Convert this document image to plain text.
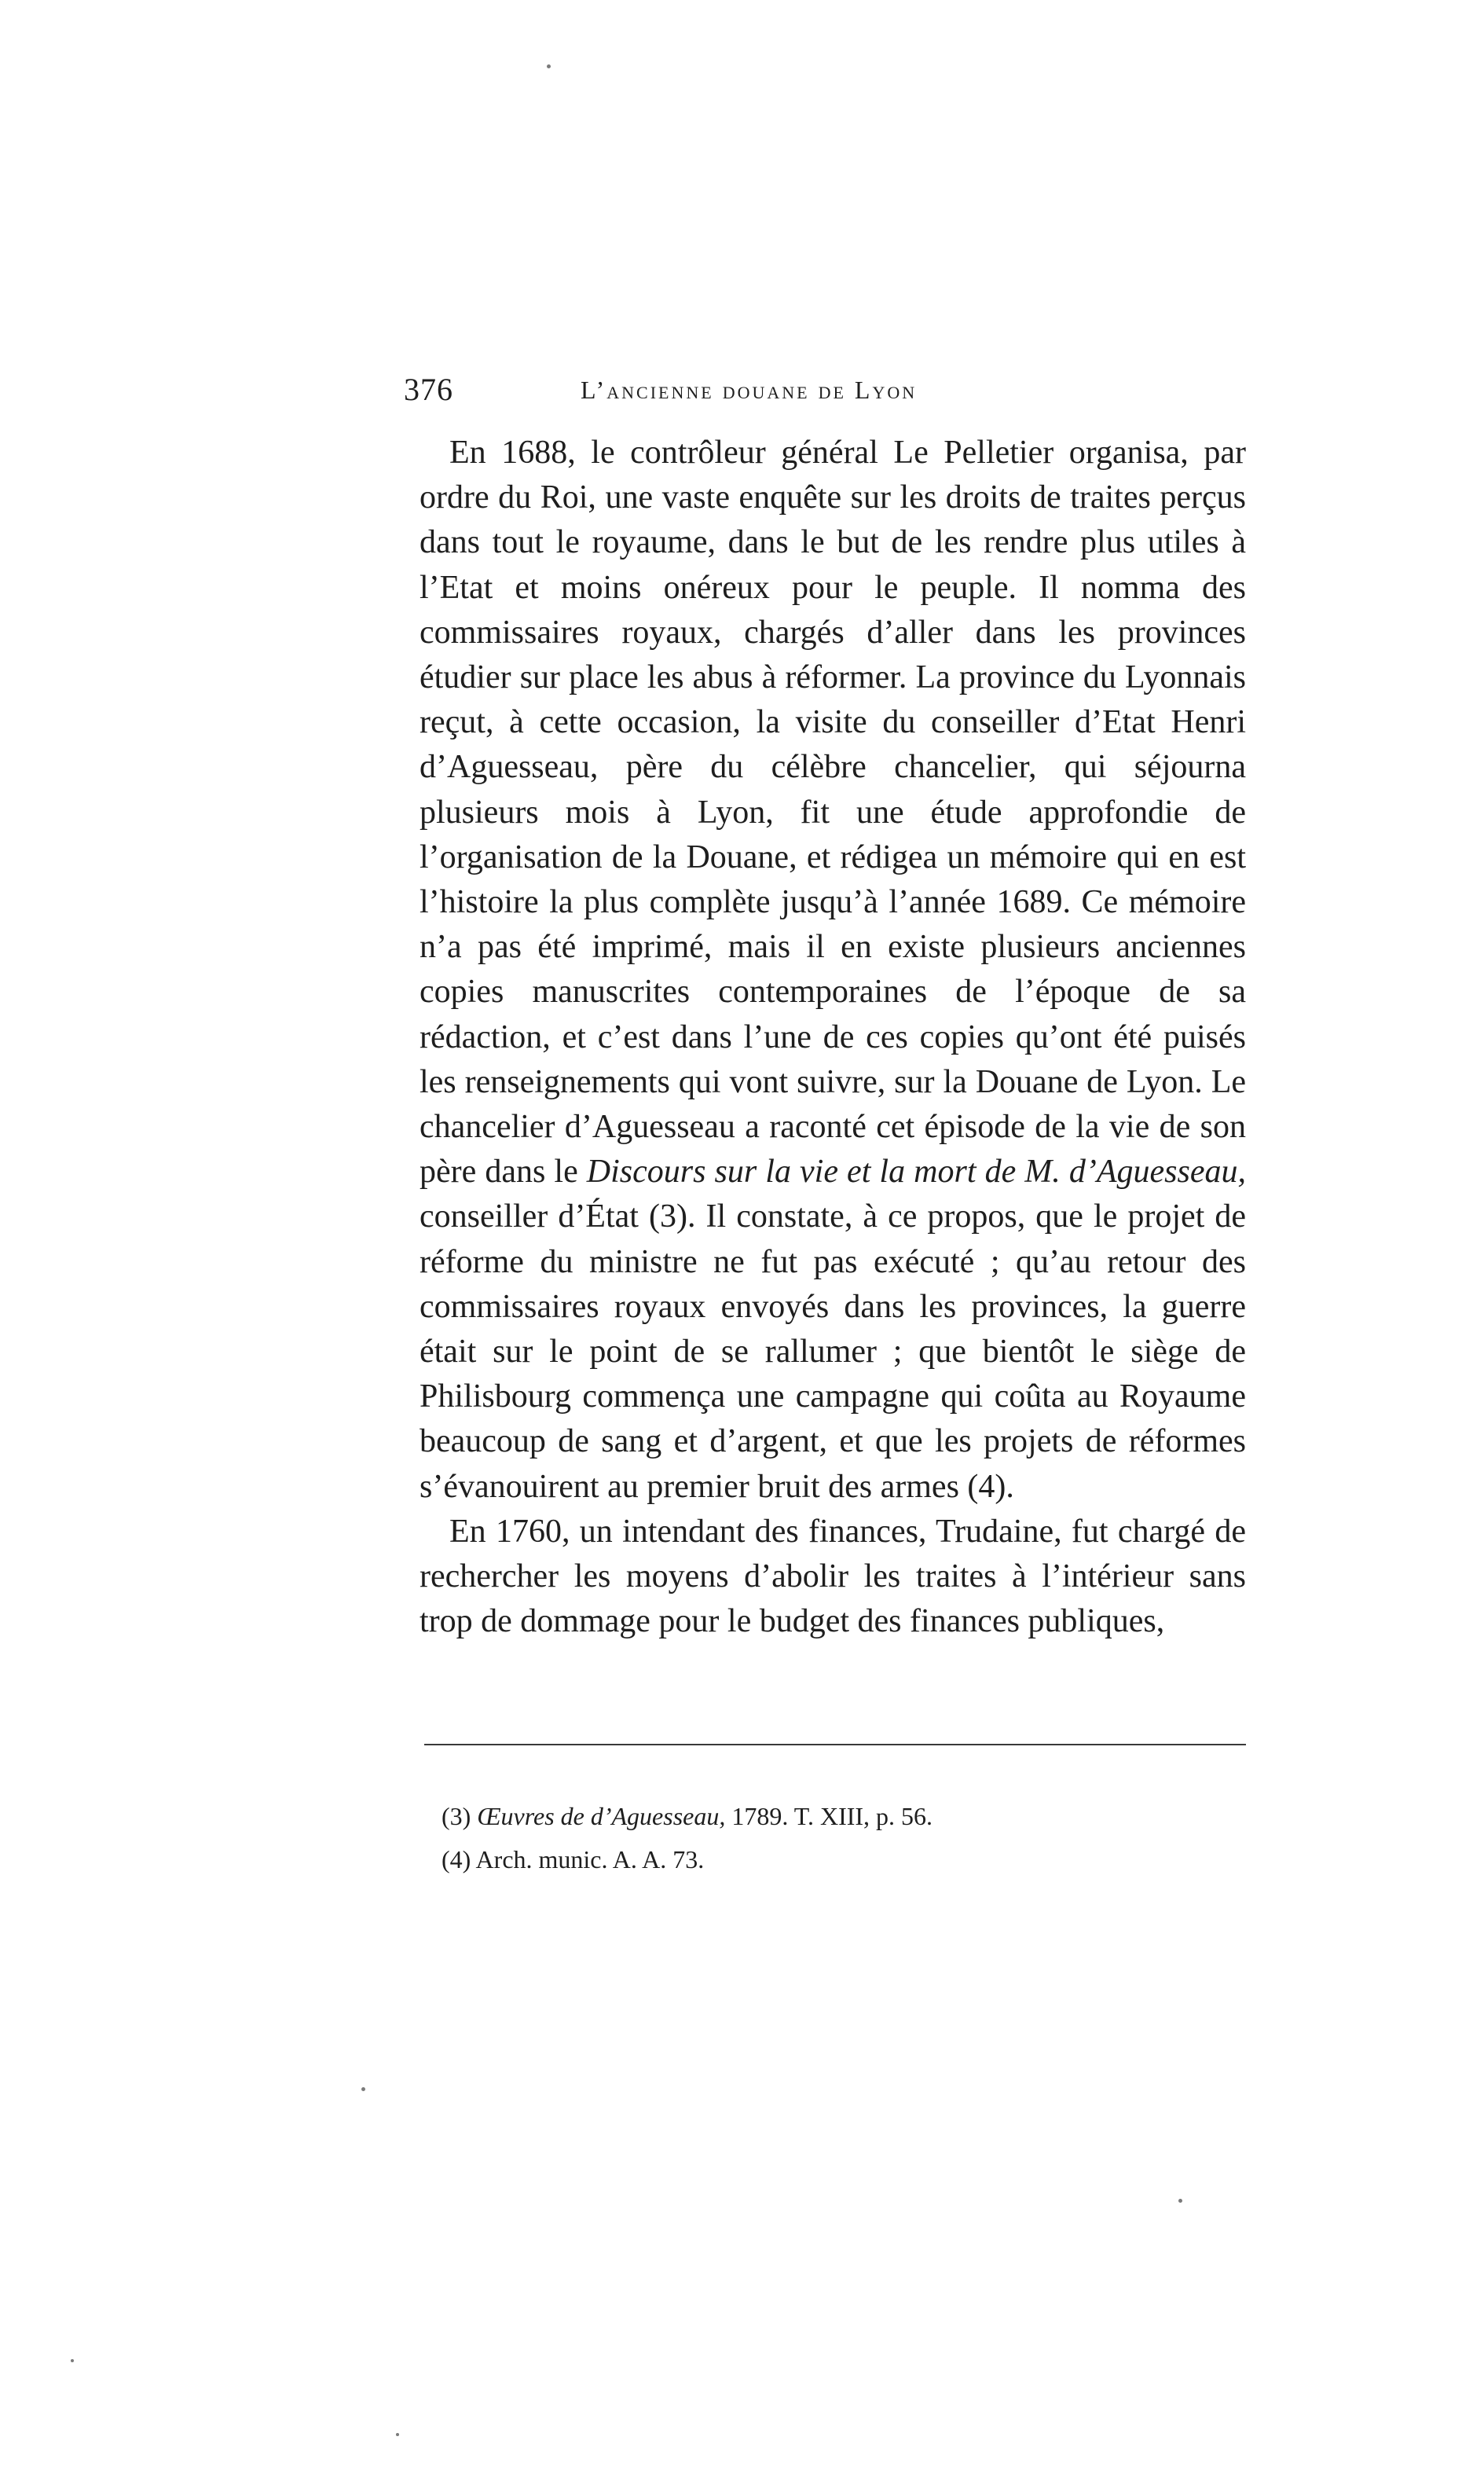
376	L’ancienne douane de Lyon

En 1688, le contrôleur général Le Pelletier organisa, par ordre du Roi, une vaste enquête sur les droits de traites perçus dans tout le royaume, dans le but de les rendre plus utiles à l’Etat et moins onéreux pour le peuple. Il nomma des commissaires royaux, chargés d’aller dans les provinces étudier sur place les abus à réformer. La province du Lyonnais reçut, à cette occasion, la visite du conseiller d’Etat Henri d’Aguesseau, père du célèbre chancelier, qui séjourna plusieurs mois à Lyon, fit une étude approfondie de l’organisation de la Douane, et rédigea un mémoire qui en est l’histoire la plus complète jusqu’à l’année 1689. Ce mémoire n’a pas été imprimé, mais il en existe plusieurs anciennes copies manuscrites contemporaines de l’époque de sa rédaction, et c’est dans l’une de ces copies qu’ont été puisés les renseignements qui vont suivre, sur la Douane de Lyon. Le chancelier d’Aguesseau a raconté cet épisode de la vie de son père dans le Discours sur la vie et la mort de M. d’Aguesseau, conseiller d’État (3). Il constate, à ce propos, que le projet de réforme du ministre ne fut pas exécuté ; qu’au retour des commissaires royaux envoyés dans les provinces, la guerre était sur le point de se rallumer ; que bientôt le siège de Philisbourg commença une campagne qui coûta au Royaume beaucoup de sang et d’argent, et que les projets de réformes s’évanouirent au premier bruit des armes (4).

En 1760, un intendant des finances, Trudaine, fut chargé de rechercher les moyens d’abolir les traites à l’intérieur sans trop de dommage pour le budget des finances publiques,

(3) Œuvres de d’Aguesseau, 1789. T. XIII, p. 56.

(4) Arch. munic. A. A. 73.
